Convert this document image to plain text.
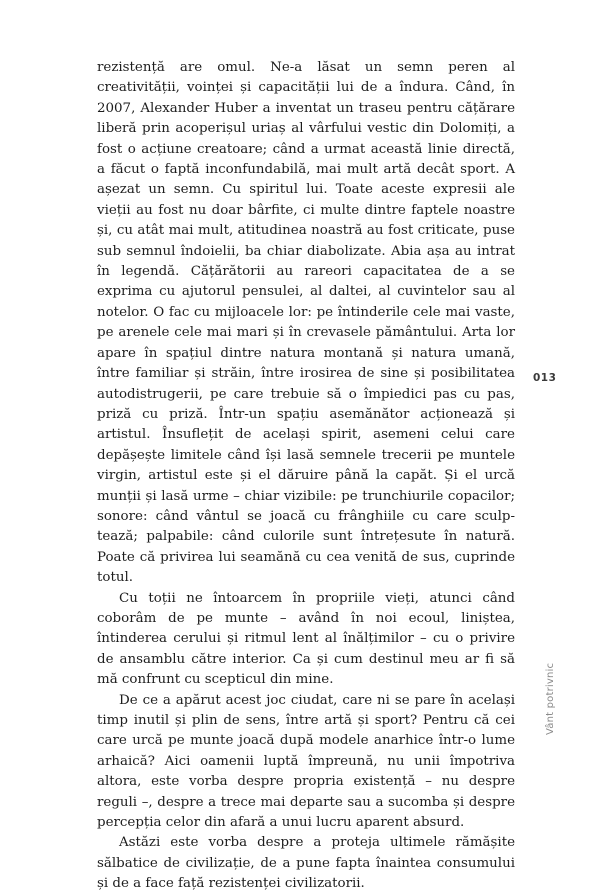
rezistență are omul. Ne-a lăsat un semn peren al creativității, voinței și capacității lui de a îndura. Când, în 2007, Alexander Huber a inventat un traseu pentru cățărare liberă prin acoperișul uriaș al vârfului vestic din Dolomiți, a fost o acțiune creatoare; când a urmat această linie directă, a făcut o faptă inconfundabilă, mai mult artă decât sport. A așezat un semn. Cu spiritul lui. Toate aceste expresii ale vieții au fost nu doar bârfite, ci multe dintre faptele noastre și, cu atât mai mult, atitudinea noastră au fost criticate, puse sub semnul îndoielii, ba chiar diabolizate. Abia așa au intrat în legendă. Cățărătorii au rareori capacitatea de a se exprima cu ajutorul pensulei, al daltei, al cuvintelor sau al notelor. O fac cu mijloacele lor: pe întinderile cele mai vaste, pe arenele cele mai mari și în crevasele pământului. Arta lor apare în spațiul dintre natura montană și natura umană, între familiar și străin, între irosirea de sine și posibilitatea autodistrugerii, pe care trebuie să o împiedici pas cu pas, priză cu priză. Într-un spațiu asemănător acționează și artistul. Însuflețit de același spirit, asemeni celui care depășește limitele când își lasă semnele trecerii pe muntele virgin, artistul este și el dăruire până la capăt. Și el urcă munții și lasă urme – chiar vizibile: pe trunchiurile copacilor; sonore: când vântul se joacă cu frânghiile cu care sculptează; palpabile: când culorile sunt întrețesute în natură. Poate că privirea lui seamănă cu cea venită de sus, cuprinde totul.

Cu toții ne întoarcem în propriile vieți, atunci când coborâm de pe munte – având în noi ecoul, liniștea, întinderea cerului și ritmul lent al înălțimilor – cu o privire de ansamblu către interior. Ca și cum destinul meu ar fi să mă confrunt cu scepticul din mine.

De ce a apărut acest joc ciudat, care ni se pare în același timp inutil și plin de sens, între artă și sport? Pentru că cei care urcă pe munte joacă după modele anarhice într-o lume arhaică? Aici oamenii luptă împreună, nu unii împotriva altora, este vorba despre propria existență – nu despre reguli –, despre a trece mai departe sau a sucomba și despre percepția celor din afară a unui lucru aparent absurd.

Astăzi este vorba despre a proteja ultimele rămășite sălbatice de civilizație, de a pune fapta înaintea consumului și de a face față rezistenței civilizatorii.

013
Vânt potrivnic
